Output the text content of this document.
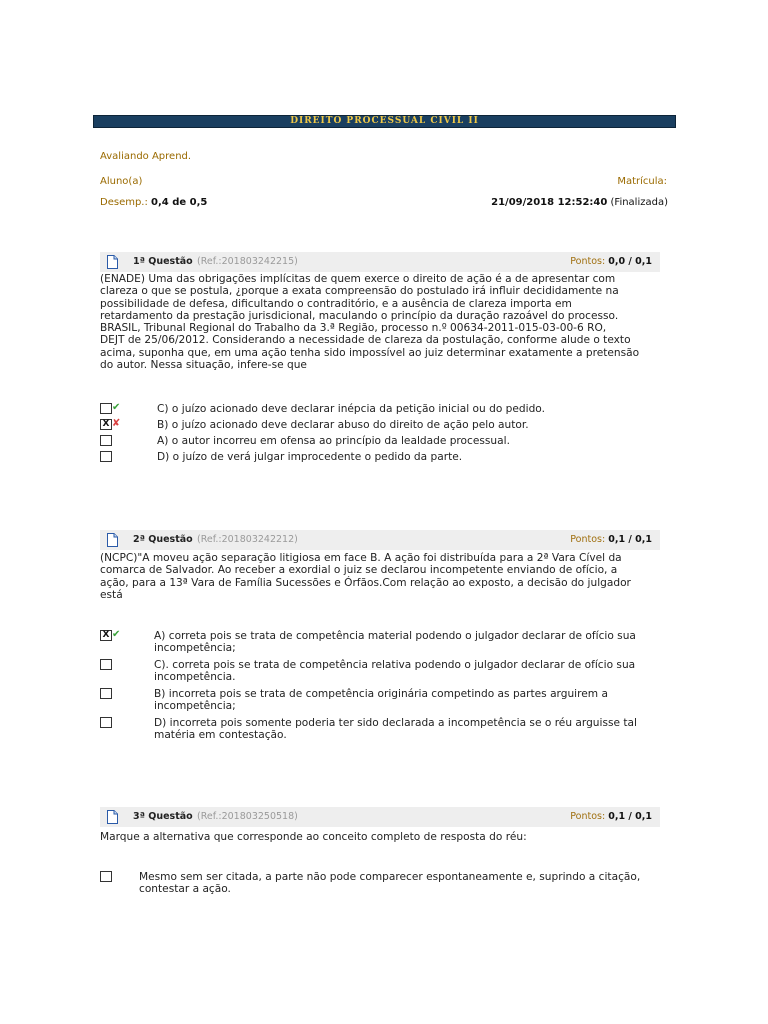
DIREITO PROCESSUAL CIVIL II
Avaliando Aprend.
Aluno(a)	Matrícula:
Desemp.: 0,4 de 0,5	21/09/2018 12:52:40 (Finalizada)
1ª Questão (Ref.:201803242215)	Pontos: 0,0 / 0,1
(ENADE) Uma das obrigações implícitas de quem exerce o direito de ação é a de apresentar com
clareza o que se postula, ¿porque a exata compreensão do postulado irá influir decididamente na
possibilidade de defesa, dificultando o contraditório, e a ausência de clareza importa em
retardamento da prestação jurisdicional, maculando o princípio da duração razoável do processo.
BRASIL, Tribunal Regional do Trabalho da 3.ª Região, processo n.º 00634-2011-015-03-00-6 RO,
DEJT de 25/06/2012. Considerando a necessidade de clareza da postulação, conforme alude o texto
acima, suponha que, em uma ação tenha sido impossível ao juiz determinar exatamente a pretensão
do autor. Nessa situação, infere-se que
✔	C) o juízo acionado deve declarar inépcia da petição inicial ou do pedido.
X ✘	B) o juízo acionado deve declarar abuso do direito de ação pelo autor.
A) o autor incorreu em ofensa ao princípio da lealdade processual.
D) o juízo de verá julgar improcedente o pedido da parte.
2ª Questão (Ref.:201803242212)	Pontos: 0,1 / 0,1
(NCPC)"A moveu ação separação litigiosa em face B. A ação foi distribuída para a 2ª Vara Cível da
comarca de Salvador. Ao receber a exordial o juiz se declarou incompetente enviando de ofício, a
ação, para a 13ª Vara de Família Sucessões e Órfãos.Com relação ao exposto, a decisão do julgador
está
X ✔	A) correta pois se trata de competência material podendo o julgador declarar de ofício sua
incompetência;
C). correta pois se trata de competência relativa podendo o julgador declarar de ofício sua
incompetência.
B) incorreta pois se trata de competência originária competindo as partes arguirem a
incompetência;
D) incorreta pois somente poderia ter sido declarada a incompetência se o réu arguisse tal
matéria em contestação.
3ª Questão (Ref.:201803250518)	Pontos: 0,1 / 0,1
Marque a alternativa que corresponde ao conceito completo de resposta do réu:
Mesmo sem ser citada, a parte não pode comparecer espontaneamente e, suprindo a citação,
contestar a ação.
